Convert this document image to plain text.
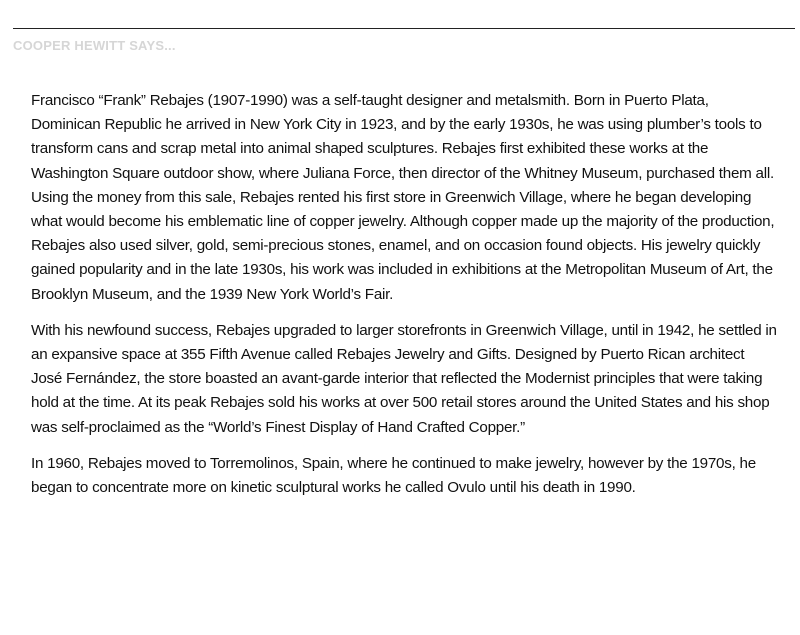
COOPER HEWITT SAYS...

Francisco “Frank” Rebajes (1907-1990) was a self-taught designer and metalsmith. Born in Puerto Plata, Dominican Republic he arrived in New York City in 1923, and by the early 1930s, he was using plumber’s tools to transform cans and scrap metal into animal shaped sculptures. Rebajes first exhibited these works at the Washington Square outdoor show, where Juliana Force, then director of the Whitney Museum, purchased them all. Using the money from this sale, Rebajes rented his first store in Greenwich Village, where he began developing what would become his emblematic line of copper jewelry. Although copper made up the majority of the production, Rebajes also used silver, gold, semi-precious stones, enamel, and on occasion found objects. His jewelry quickly gained popularity and in the late 1930s, his work was included in exhibitions at the Metropolitan Museum of Art, the Brooklyn Museum, and the 1939 New York World’s Fair.

With his newfound success, Rebajes upgraded to larger storefronts in Greenwich Village, until in 1942, he settled in an expansive space at 355 Fifth Avenue called Rebajes Jewelry and Gifts. Designed by Puerto Rican architect José Fernández, the store boasted an avant-garde interior that reflected the Modernist principles that were taking hold at the time. At its peak Rebajes sold his works at over 500 retail stores around the United States and his shop was self-proclaimed as the “World’s Finest Display of Hand Crafted Copper.”

In 1960, Rebajes moved to Torremolinos, Spain, where he continued to make jewelry, however by the 1970s, he began to concentrate more on kinetic sculptural works he called Ovulo until his death in 1990.
